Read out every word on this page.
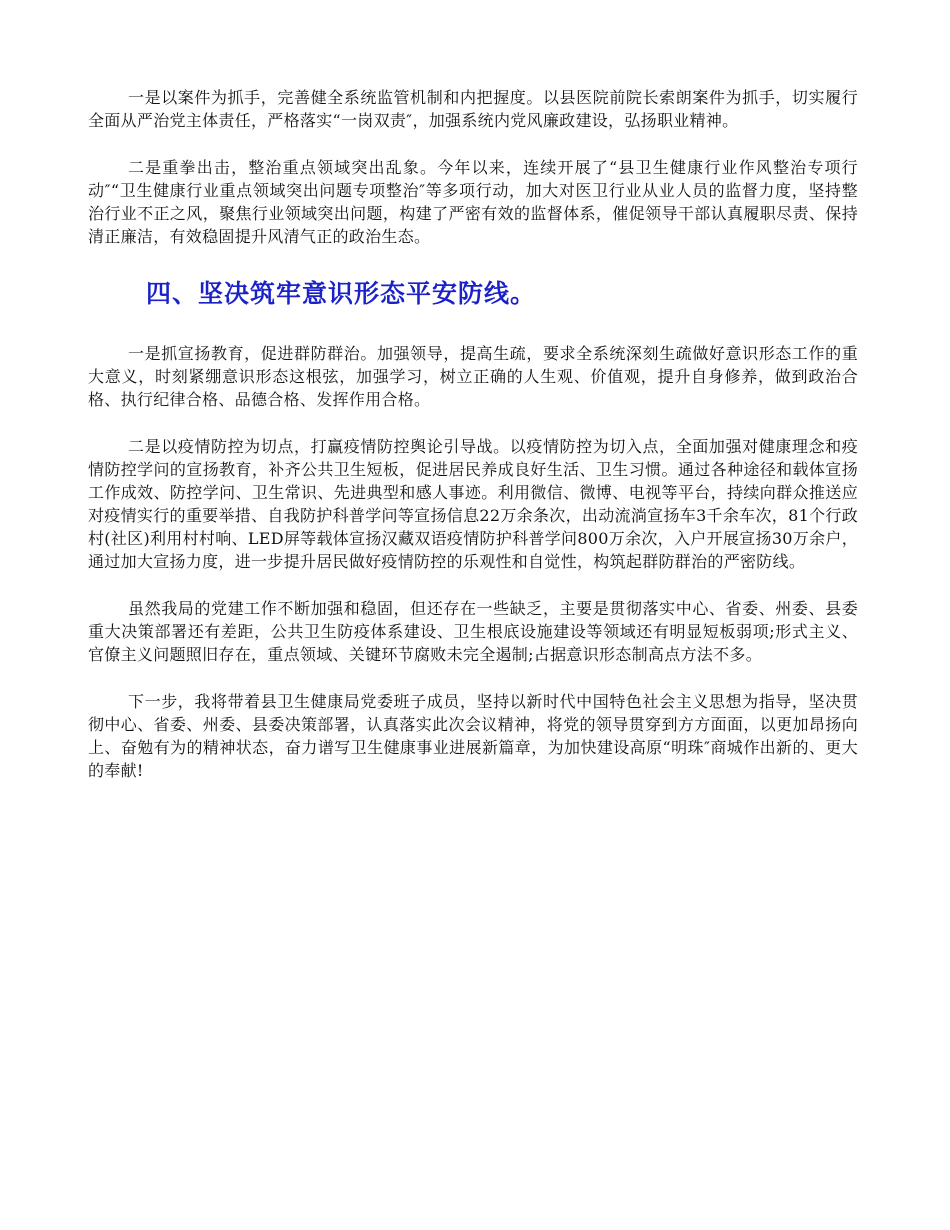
一是以案件为抓手，完善健全系统监管机制和内把握度。以县医院前院长索朗案件为抓手，切实履行全面从严治党主体责任，严格落实“一岗双责″，加强系统内党风廉政建设，弘扬职业精神。

二是重拳出击，整治重点领域突出乱象。今年以来，连续开展了“县卫生健康行业作风整治专项行动″“卫生健康行业重点领域突出问题专项整治″等多项行动，加大对医卫行业从业人员的监督力度，坚持整治行业不正之风，聚焦行业领域突出问题，构建了严密有效的监督体系，催促领导干部认真履职尽责、保持清正廉洁，有效稳固提升风清气正的政治生态。

四、坚决筑牢意识形态平安防线。

一是抓宣扬教育，促进群防群治。加强领导，提高生疏，要求全系统深刻生疏做好意识形态工作的重大意义，时刻紧绷意识形态这根弦，加强学习，树立正确的人生观、价值观，提升自身修养，做到政治合格、执行纪律合格、品德合格、发挥作用合格。

二是以疫情防控为切点，打赢疫情防控舆论引导战。以疫情防控为切入点，全面加强对健康理念和疫情防控学问的宣扬教育，补齐公共卫生短板，促进居民养成良好生活、卫生习惯。通过各种途径和载体宣扬工作成效、防控学问、卫生常识、先进典型和感人事迹。利用微信、微博、电视等平台，持续向群众推送应对疫情实行的重要举措、自我防护科普学问等宣扬信息22万余条次，出动流淌宣扬车3千余车次，81个行政村(社区)利用村村响、LED屏等载体宣扬汉藏双语疫情防护科普学问800万余次，入户开展宣扬30万余户，通过加大宣扬力度，进一步提升居民做好疫情防控的乐观性和自觉性，构筑起群防群治的严密防线。

虽然我局的党建工作不断加强和稳固，但还存在一些缺乏，主要是贯彻落实中心、省委、州委、县委重大决策部署还有差距，公共卫生防疫体系建设、卫生根底设施建设等领域还有明显短板弱项;形式主义、官僚主义问题照旧存在，重点领域、关键环节腐败未完全遏制;占据意识形态制高点方法不多。

下一步，我将带着县卫生健康局党委班子成员，坚持以新时代中国特色社会主义思想为指导，坚决贯彻中心、省委、州委、县委决策部署，认真落实此次会议精神，将党的领导贯穿到方方面面，以更加昂扬向上、奋勉有为的精神状态，奋力谱写卫生健康事业进展新篇章，为加快建设高原“明珠″商城作出新的、更大的奉献!
